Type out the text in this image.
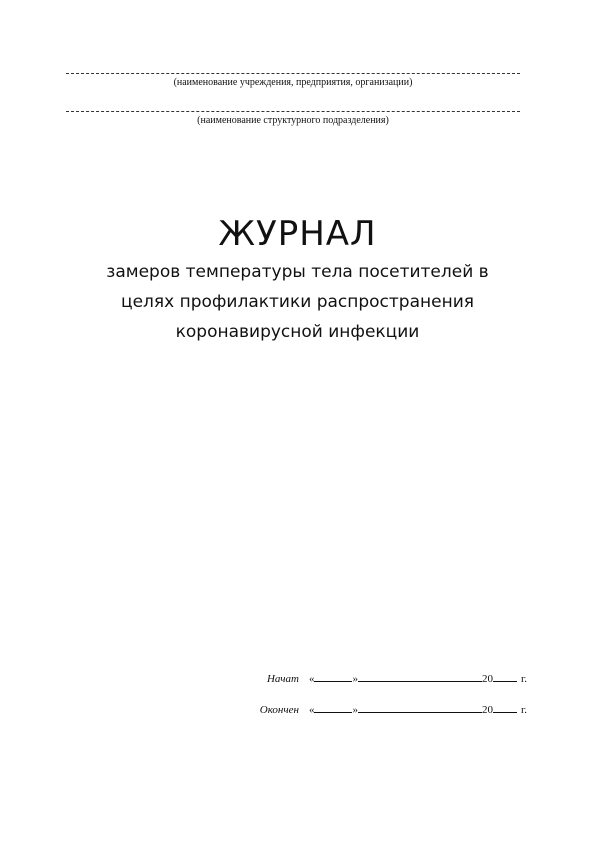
(наименование учреждения, предприятия, организации)
(наименование структурного подразделения)
ЖУРНАЛ
замеров температуры тела посетителей в
целях профилактики распространения
коронавирусной инфекции
Начат «	»	20	г.
Окончен «	»	20	г.
